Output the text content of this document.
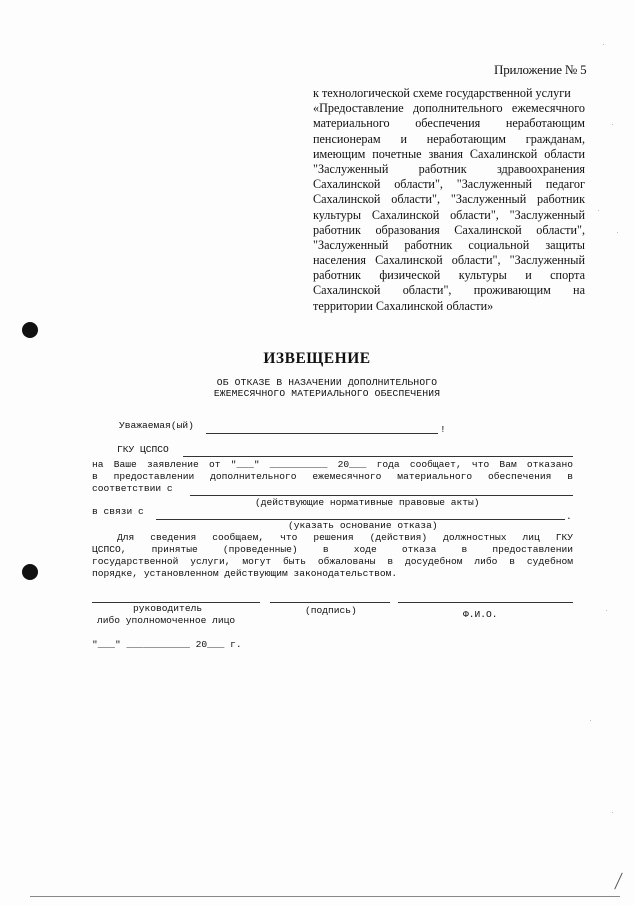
Приложение № 5
к технологической схеме государственной услуги
«Предоставление дополнительного ежемесячного
материального обеспечения неработающим
пенсионерам и неработающим гражданам,
имеющим почетные звания Сахалинской области
"Заслуженный работник здравоохранения
Сахалинской области", "Заслуженный педагог
Сахалинской области", "Заслуженный работник
культуры Сахалинской области", "Заслуженный
работник образования Сахалинской области",
"Заслуженный работник социальной защиты
населения Сахалинской области", "Заслуженный
работник физической культуры и спорта
Сахалинской области", проживающим на
территории Сахалинской области»
ИЗВЕЩЕНИЕ
ОБ ОТКАЗЕ В НАЗАЧЕНИИ ДОПОЛНИТЕЛЬНОГО
ЕЖЕМЕСЯЧНОГО МАТЕРИАЛЬНОГО ОБЕСПЕЧЕНИЯ
Уважаемая(ый)	!
ГКУ ЦСПСО
на Ваше заявление от "___" __________ 20___ года сообщает, что Вам отказано
в предоставлении дополнительного ежемесячного материального обеспечения в
соответствии с
(действующие нормативные правовые акты)
в связи с	.
(указать основание отказа)
Для сведения сообщаем, что решения (действия) должностных лиц ГКУ
ЦСПСО, принятые (проведенные) в ходе отказа в предоставлении
государственной услуги, могут быть обжалованы в досудебном либо в судебном
порядке, установленном действующим законодательством.
руководитель	(подпись)	Ф.И.О.
либо уполномоченное лицо
"___" ___________ 20___ г.
